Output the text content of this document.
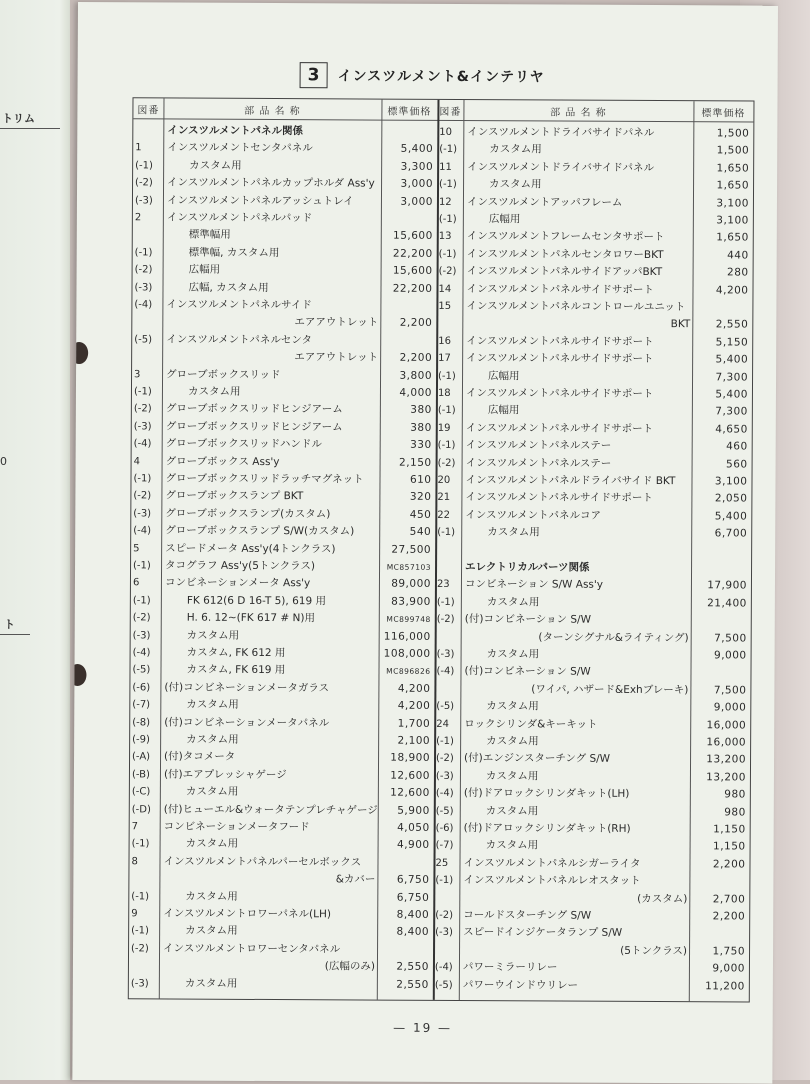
トリム
0
ト
3	インスツルメント&インテリヤ
図番	部 品 名 称	標準価格 図番	部 品 名 称	標準価格
インスツルメントパネル関係
1	インスツルメントセンタパネル	5,400
(-1)	カスタム用	3,300
(-2)	インスツルメントパネルカップホルダ Ass'y 3,000
(-3)	インスツルメントパネルアッシュトレイ	3,000
2	インスツルメントパネルパッド
標準幅用	15,600
(-1)	標準幅, カスタム用	22,200
(-2)	広幅用	15,600
(-3)	広幅, カスタム用	22,200
(-4)	インスツルメントパネルサイド
エアアウトレット 2,200
(-5)	インスツルメントパネルセンタ
エアアウトレット 2,200
3	グローブボックスリッド	3,800
(-1)	カスタム用	4,000
(-2)	グローブボックスリッドヒンジアーム	380
(-3)	グローブボックスリッドヒンジアーム	380
(-4)	グローブボックスリッドハンドル	330
4	グローブボックス Ass'y	2,150
(-1)	グローブボックスリッドラッチマグネット	610
(-2)	グローブボックスランプ BKT	320
(-3)	グローブボックスランプ(カスタム)	450
(-4)	グローブボックスランプ S/W(カスタム)	540
5	スピードメータ Ass'y(4トンクラス)	27,500
(-1)	タコグラフ Ass'y(5トンクラス)	MC857103
6	コンビネーションメータ Ass'y	89,000
(-1)	FK 612(6 D 16-T 5), 619 用	83,900
(-2)	H. 6. 12~(FK 617 # N)用	MC899748
(-3)	カスタム用	116,000
(-4)	カスタム, FK 612 用	108,000
(-5)	カスタム, FK 619 用	MC896826
(-6)	(付)コンビネーションメータガラス	4,200
(-7)	カスタム用	4,200
(-8)	(付)コンビネーションメータパネル	1,700
(-9)	カスタム用	2,100
(-A)	(付)タコメータ	18,900
(-B)	(付)エアプレッシャゲージ	12,600
(-C)	カスタム用	12,600
(-D)	(付)ヒューエル&ウォータテンプレチャゲージ 5,900
7	コンビネーションメータフード	4,050
(-1)	カスタム用	4,900
8	インスツルメントパネルパーセルボックス
&カバー 6,750
(-1)	カスタム用	6,750
9	インスツルメントロワーパネル(LH)	8,400
(-1)	カスタム用	8,400
(-2)	インスツルメントロワーセンタパネル
(広幅のみ) 2,550
(-3)	カスタム用	2,550
10	インスツルメントドライバサイドパネル	1,500
(-1)	カスタム用	1,500
11	インスツルメントドライバサイドパネル	1,650
(-1)	カスタム用	1,650
12	インスツルメントアッパフレーム	3,100
(-1)	広幅用	3,100
13	インスツルメントフレームセンタサポート	1,650
(-1) インスツルメントパネルセンタロワーBKT	440
(-2) インスツルメントパネルサイドアッパBKT	280
14	インスツルメントパネルサイドサポート	4,200
15	インスツルメントパネルコントロールユニット
BKT 2,550
16	インスツルメントパネルサイドサポート	5,150
17	インスツルメントパネルサイドサポート	5,400
(-1)	広幅用	7,300
18	インスツルメントパネルサイドサポート	5,400
(-1)	広幅用	7,300
19	インスツルメントパネルサイドサポート	4,650
(-1) インスツルメントパネルステー	460
(-2) インスツルメントパネルステー	560
20	インスツルメントパネルドライバサイド BKT	3,100
21	インスツルメントパネルサイドサポート	2,050
22	インスツルメントパネルコア	5,400
(-1)	カスタム用	6,700
エレクトリカルパーツ関係
23	コンビネーション S/W Ass'y	17,900
(-1)	カスタム用	21,400
(-2) (付)コンビネーション S/W
(ターンシグナル&ライティング) 7,500
(-3)	カスタム用	9,000
(-4) (付)コンビネーション S/W
(ワイパ, ハザード&Exhブレーキ) 7,500
(-5)	カスタム用	9,000
24	ロックシリンダ&キーキット	16,000
(-1)	カスタム用	16,000
(-2) (付)エンジンスターチング S/W	13,200
(-3)	カスタム用	13,200
(-4) (付)ドアロックシリンダキット(LH)	980
(-5)	カスタム用	980
(-6) (付)ドアロックシリンダキット(RH)	1,150
(-7)	カスタム用	1,150
25	インスツルメントパネルシガーライタ	2,200
(-1) インスツルメントパネルレオスタット
(カスタム) 2,700
(-2) コールドスターチング S/W	2,200
(-3) スピードインジケータランプ S/W
(5トンクラス) 1,750
(-4) パワーミラーリレー	9,000
(-5) パワーウインドウリレー	11,200
— 19 —
